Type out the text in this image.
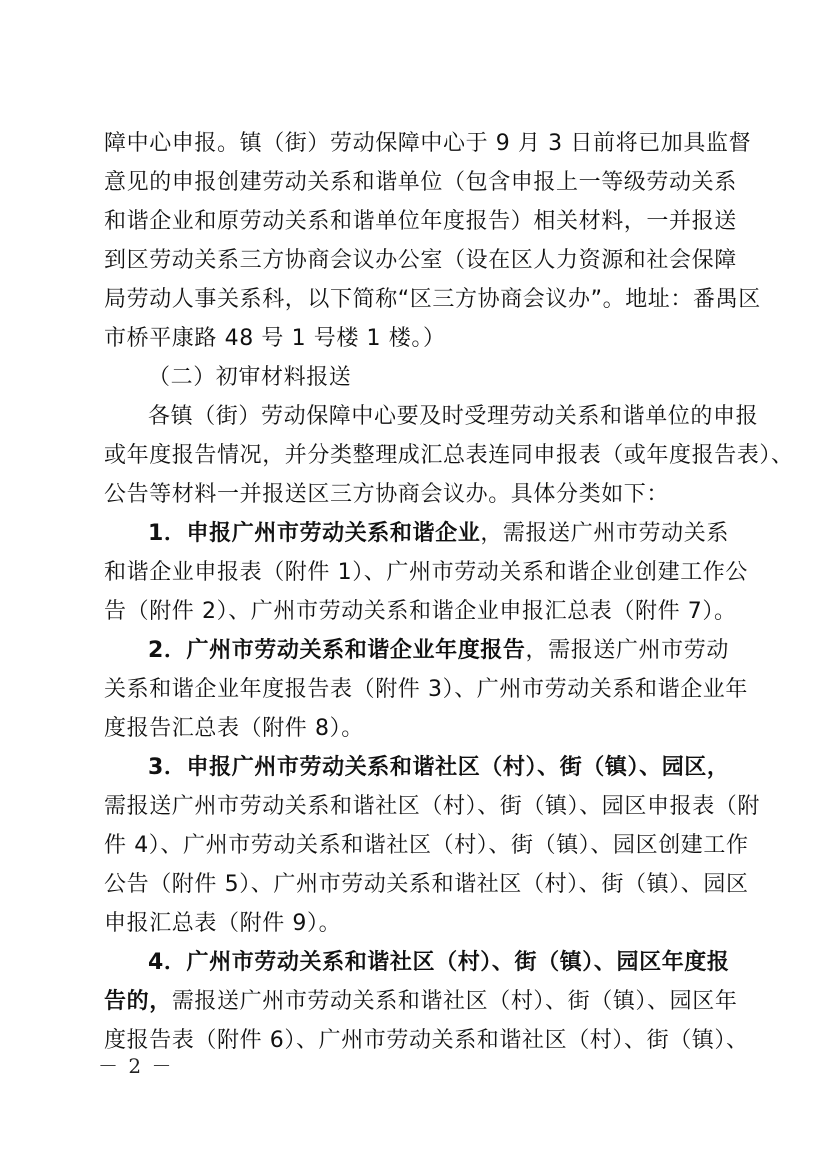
障中心申报。镇（街）劳动保障中心于 9 月 3 日前将已加具监督
意见的申报创建劳动关系和谐单位（包含申报上一等级劳动关系
和谐企业和原劳动关系和谐单位年度报告）相关材料，一并报送
到区劳动关系三方协商会议办公室（设在区人力资源和社会保障
局劳动人事关系科，以下简称“区三方协商会议办”。地址：番禺区
市桥平康路 48 号 1 号楼 1 楼。）
（二）初审材料报送
各镇（街）劳动保障中心要及时受理劳动关系和谐单位的申报
或年度报告情况，并分类整理成汇总表连同申报表（或年度报告表）、
公告等材料一并报送区三方协商会议办。具体分类如下：
1．申报广州市劳动关系和谐企业，需报送广州市劳动关系
和谐企业申报表（附件 1）、广州市劳动关系和谐企业创建工作公
告（附件 2）、广州市劳动关系和谐企业申报汇总表（附件 7）。
2．广州市劳动关系和谐企业年度报告，需报送广州市劳动
关系和谐企业年度报告表（附件 3）、广州市劳动关系和谐企业年
度报告汇总表（附件 8）。
3．申报广州市劳动关系和谐社区（村）、街（镇）、园区，
需报送广州市劳动关系和谐社区（村）、街（镇）、园区申报表（附
件 4）、广州市劳动关系和谐社区（村）、街（镇）、园区创建工作
公告（附件 5）、广州市劳动关系和谐社区（村）、街（镇）、园区
申报汇总表（附件 9）。
4．广州市劳动关系和谐社区（村）、街（镇）、园区年度报
告的，需报送广州市劳动关系和谐社区（村）、街（镇）、园区年
度报告表（附件 6）、广州市劳动关系和谐社区（村）、街（镇）、
－ 2 －
